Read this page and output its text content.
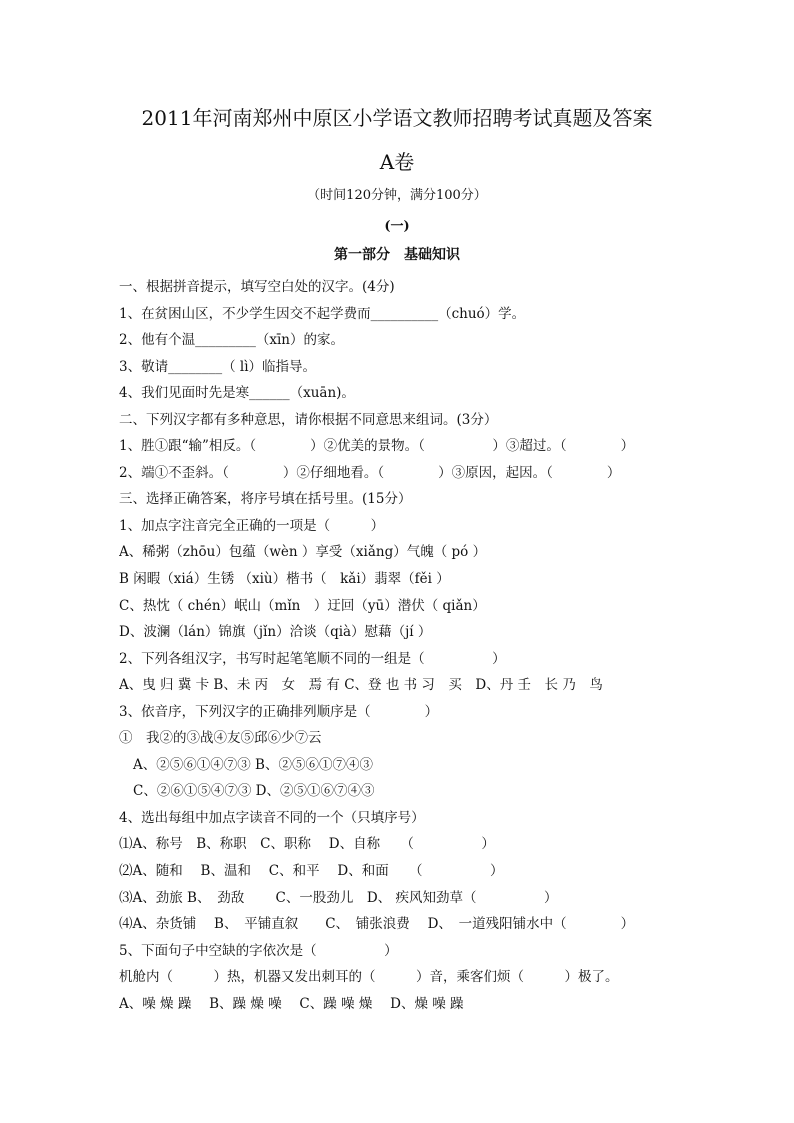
2011年河南郑州中原区小学语文教师招聘考试真题及答案
A卷
（时间120分钟，满分100分）
(一)
第一部分　基础知识
一、根据拼音提示，填写空白处的汉字。(4分)
1、在贫困山区，不少学生因交不起学费而__________（chuó）学。
2、他有个温_________（xīn）的家。
3、敬请________（ lì）临指导。
4、我们见面时先是寒______（xuān)。
二、下列汉字都有多种意思，请你根据不同意思来组词。(3分）
1、胜①跟“输”相反。（　　　　）②优美的景物。（　　　　　）③超过。（　　　　）
2、端①不歪斜。（　　　　）②仔细地看。（　　　　）③原因，起因。（　　　　）
三、选择正确答案，将序号填在括号里。(15分）
1、加点字注音完全正确的一项是（　　　）
A、稀粥（zhōu）包蕴（wèn ）享受（xiǎng）气魄（ pó ）
B 闲暇（xiá）生锈 （xiù）楷书（　kǎi）翡翠（fěi ）
C、热忱（ chén）岷山（mǐn　）迂回（yū）潜伏（ qiǎn）
D、波澜（lán）锦旗（jǐn）洽谈（qià）慰藉（jí ）
2、下列各组汉字，书写时起笔笔顺不同的一组是（　　　　　）
A、曳 归 冀 卡 B、未 丙　女　焉 有 C、登 也 书 习　买　D、丹 壬　长 乃　鸟
3、依音序，下列汉字的正确排列顺序是（　　　　）
①　我②的③战④友⑤邱⑥少⑦云
A、②⑤⑥①④⑦③ B、②⑤⑥①⑦④③
C、②⑥①⑤④⑦③ D、②⑤①⑥⑦④③
4、选出每组中加点字读音不同的一个（只填序号）
⑴A、称号　B、称职　C、职称　 D、自称　　（　　　　　）
⑵A、随和　 B、温和　 C、和平　 D、和面　　（　　　　　）
⑶A、劲旅 B、　劲敌　　 C、一股劲儿　D、 疾风知劲草（　　　　　）
⑷A、杂货铺　 B、　平铺直叙　　C、　铺张浪费　 D、　一道残阳铺水中（　　　　）
5、下面句子中空缺的字依次是（　　　　　）
机舱内（　　　）热，机器又发出刺耳的（　　　）音，乘客们烦（　　　）极了。
A、噪 燥 躁　 B、躁 燥 噪　 C、躁 噪 燥　 D、燥 噪 躁
